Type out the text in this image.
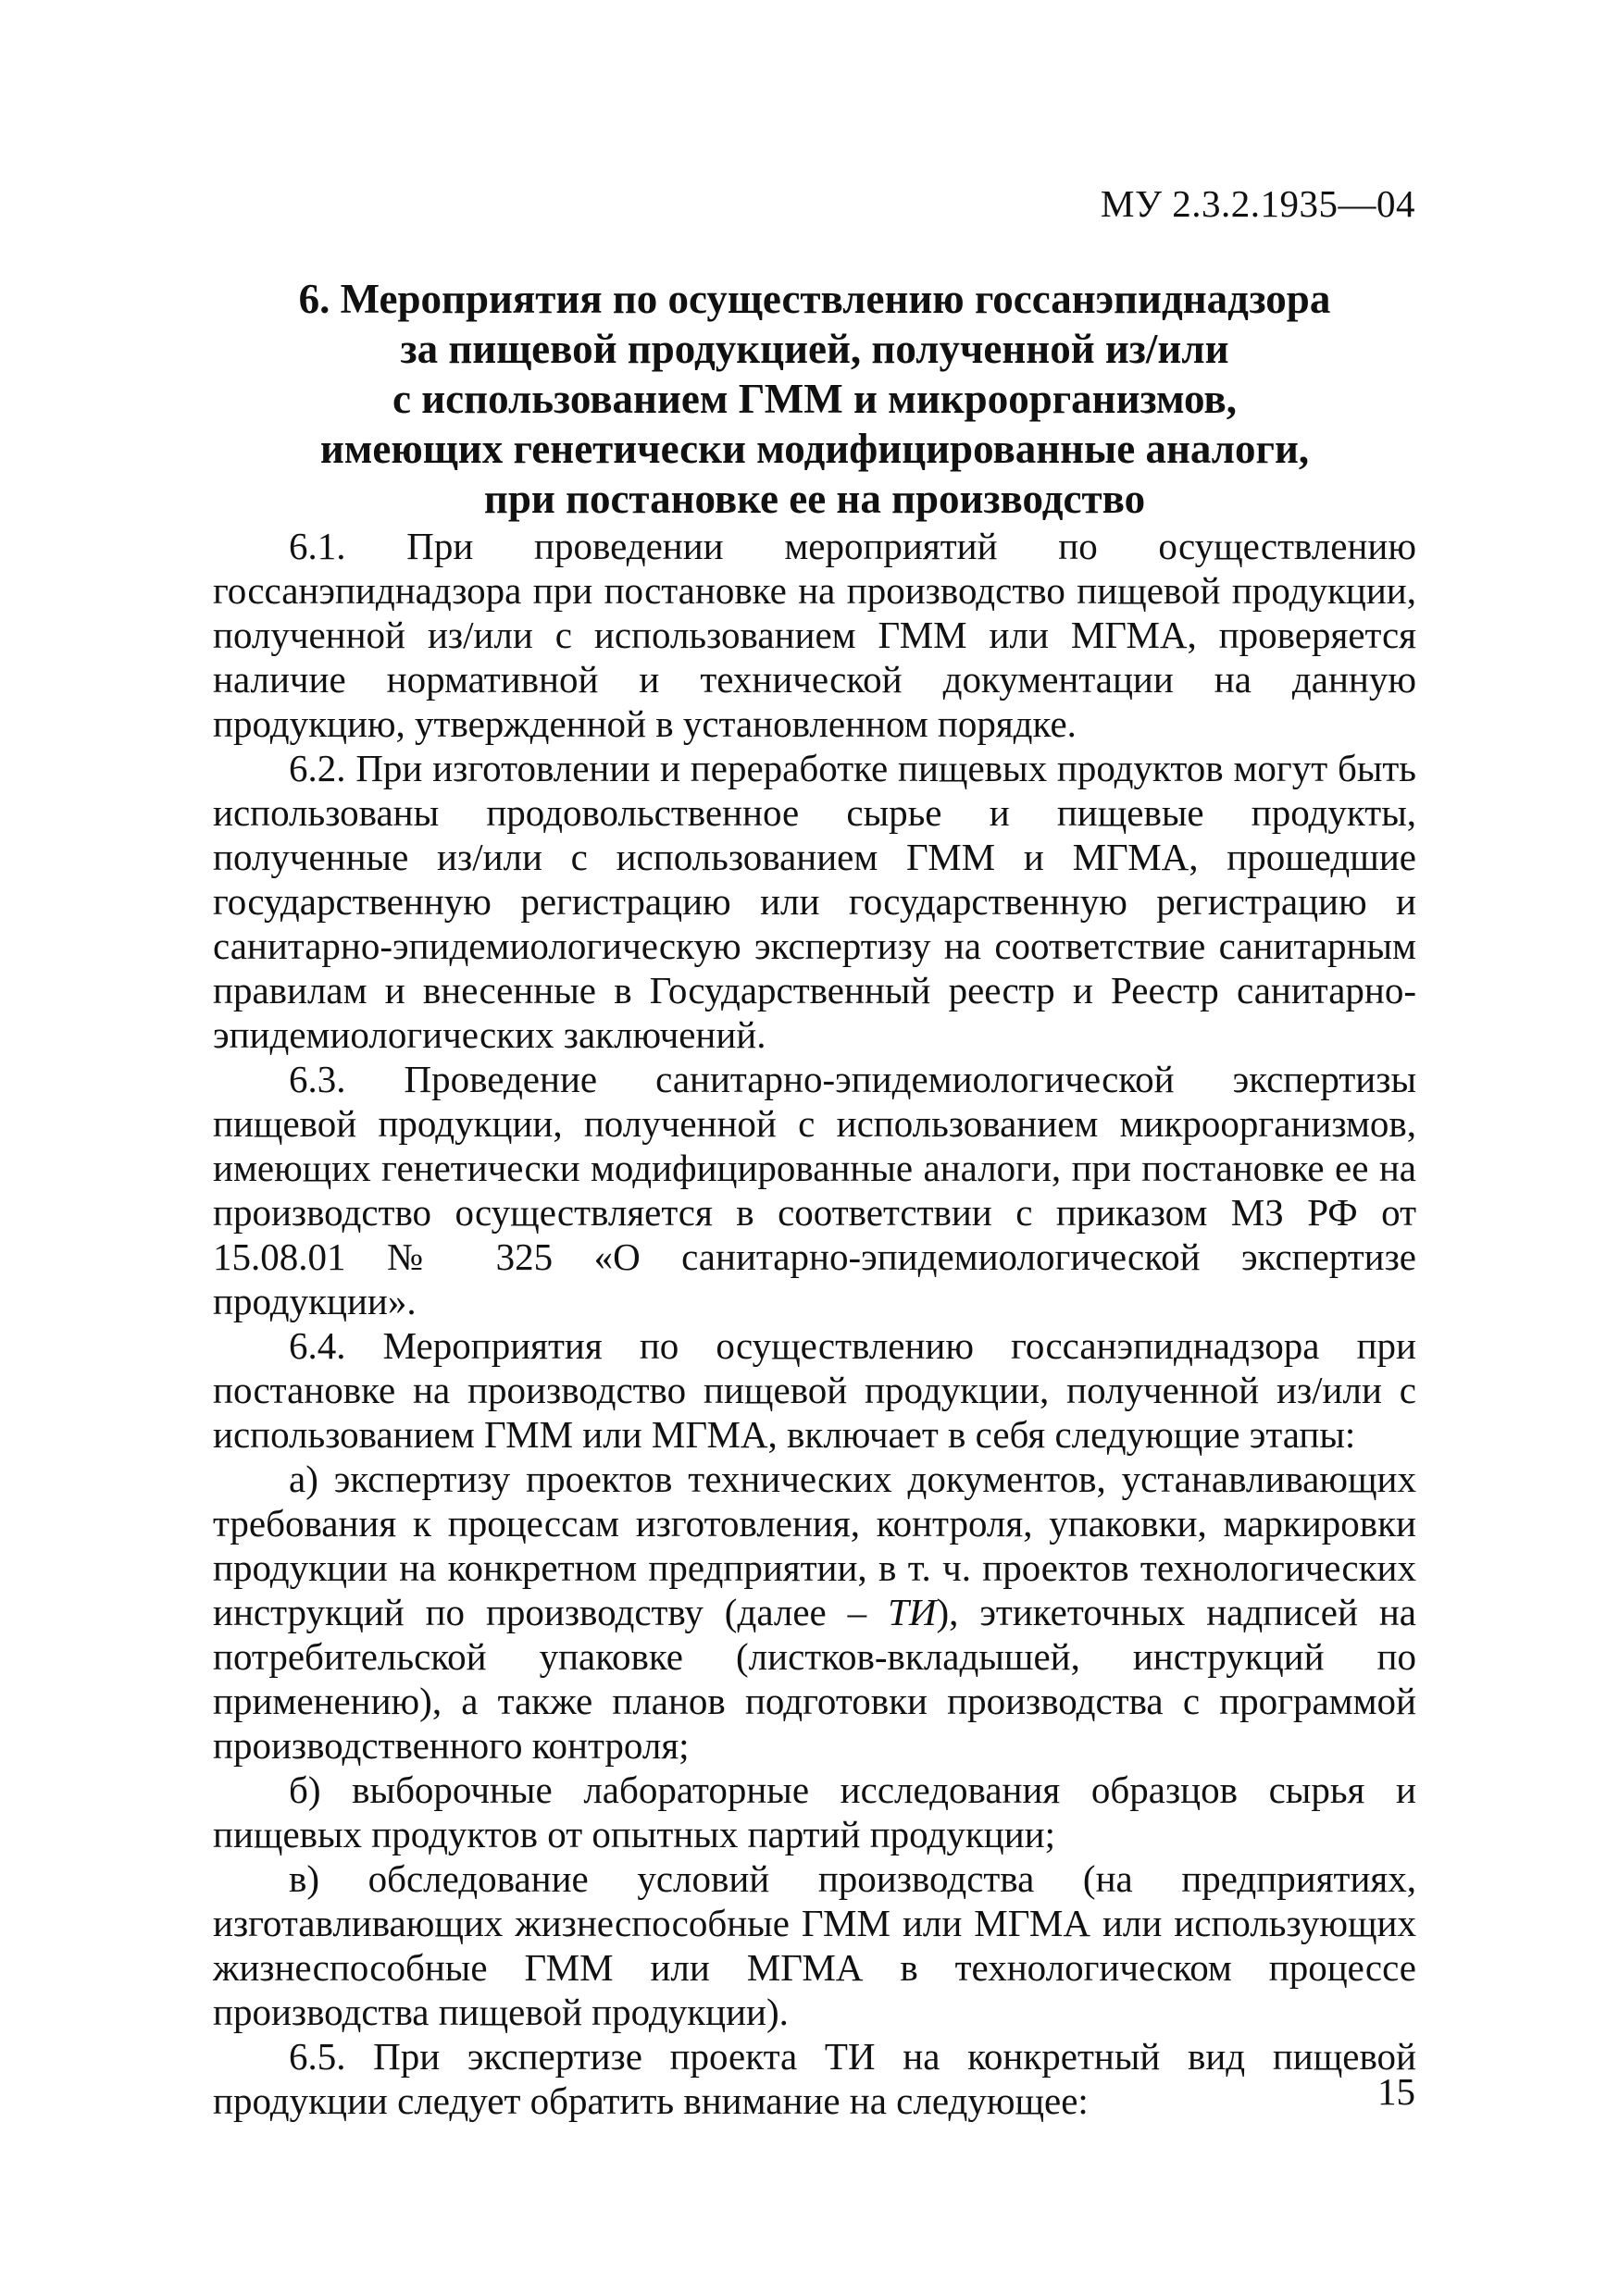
МУ 2.3.2.1935—04
6. Мероприятия по осуществлению госсанэпиднадзора
за пищевой продукцией, полученной из/или
с использованием ГММ и микроорганизмов,
имеющих генетически модифицированные аналоги,
при постановке ее на производство

6.1. При проведении мероприятий по осуществлению госсанэпиднадзора при постановке на производство пищевой продукции, полученной из/или с использованием ГММ или МГМА, проверяется наличие нормативной и технической документации на данную продукцию, утвержденной в установленном порядке.

6.2. При изготовлении и переработке пищевых продуктов могут быть использованы продовольственное сырье и пищевые продукты, полученные из/или с использованием ГММ и МГМА, прошедшие государственную регистрацию или государственную регистрацию и санитарно-эпидемиологическую экспертизу на соответствие санитарным правилам и внесенные в Государственный реестр и Реестр санитарно-эпидемиологических заключений.

6.3. Проведение санитарно-эпидемиологической экспертизы пищевой продукции, полученной с использованием микроорганизмов, имеющих генетически модифицированные аналоги, при постановке ее на производство осуществляется в соответствии с приказом МЗ РФ от 15.08.01 № 325 «О санитарно-эпидемиологической экспертизе продукции».

6.4. Мероприятия по осуществлению госсанэпиднадзора при постановке на производство пищевой продукции, полученной из/или с использованием ГММ или МГМА, включает в себя следующие этапы:

а) экспертизу проектов технических документов, устанавливающих требования к процессам изготовления, контроля, упаковки, маркировки продукции на конкретном предприятии, в т. ч. проектов технологических инструкций по производству (далее – ТИ), этикеточных надписей на потребительской упаковке (листков-вкладышей, инструкций по применению), а также планов подготовки производства с программой производственного контроля;

б) выборочные лабораторные исследования образцов сырья и пищевых продуктов от опытных партий продукции;

в) обследование условий производства (на предприятиях, изготавливающих жизнеспособные ГММ или МГМА или использующих жизнеспособные ГММ или МГМА в технологическом процессе производства пищевой продукции).

6.5. При экспертизе проекта ТИ на конкретный вид пищевой продукции следует обратить внимание на следующее:	15
